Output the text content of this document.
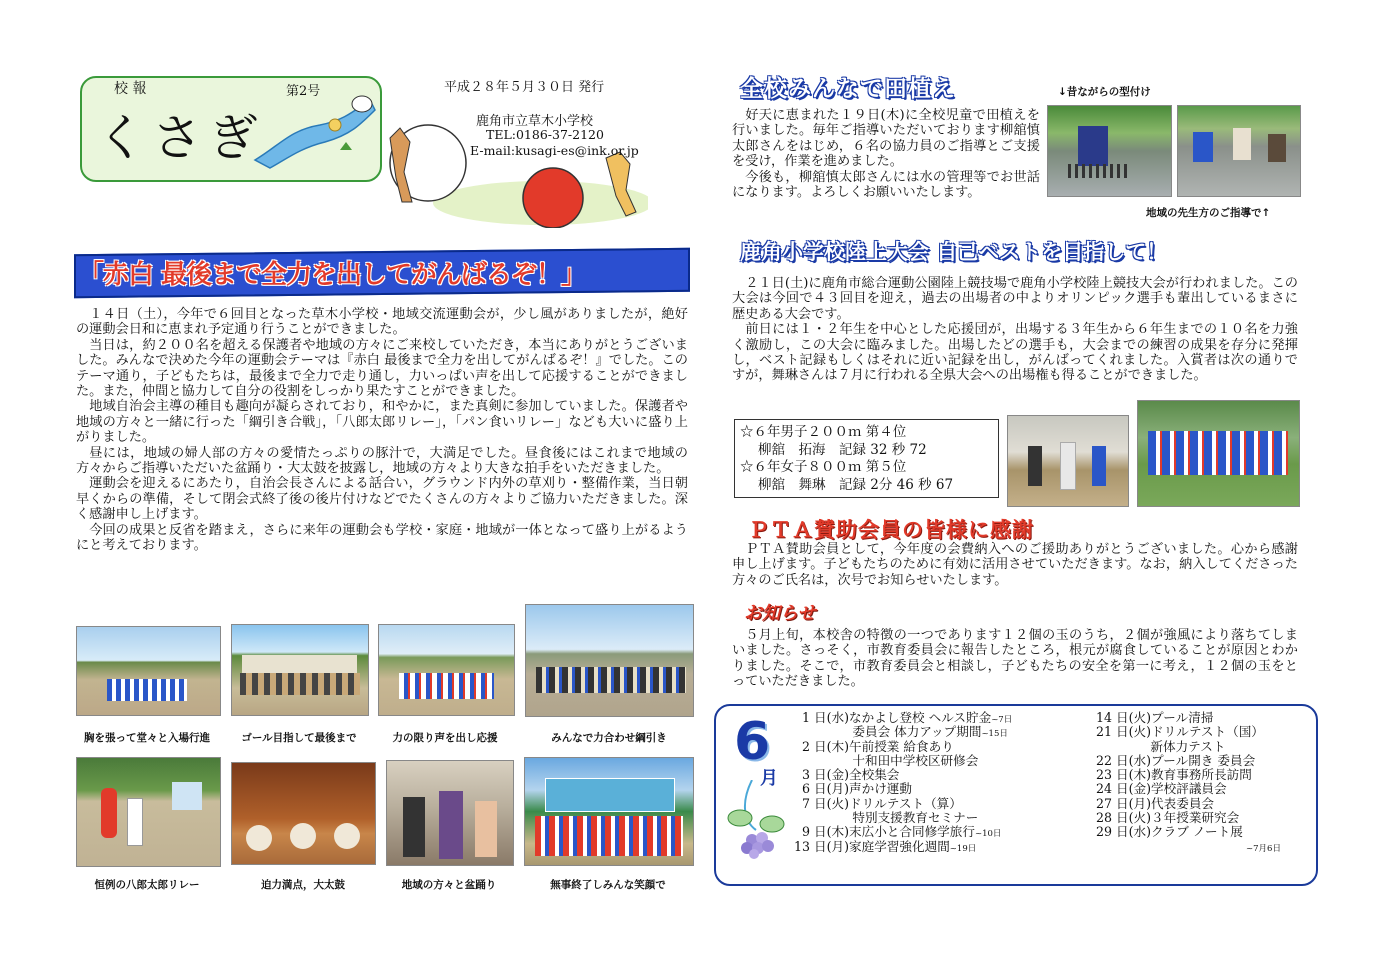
校 報	第2号
くさぎ
平成２８年５月３０日 発行
鹿角市立草木小学校
TEL:0186-37-2120
E-mail:kusagi-es@ink.or.jp
「赤白 最後まで全力を出してがんばるぞ！」

１４日（土），今年で６回目となった草木小学校・地域交流運動会が，少し風がありましたが，絶好の運動会日和に恵まれ予定通り行うことができました。

当日は，約２００名を超える保護者や地域の方々にご来校していただき，本当にありがとうございました。みんなで決めた今年の運動会テーマは『赤白 最後まで全力を出してがんばるぞ！』でした。このテーマ通り，子どもたちは，最後まで全力で走り通し，力いっぱい声を出して応援することができました。また，仲間と協力して自分の役割をしっかり果たすことができました。

地域自治会主導の種目も趣向が凝らされており，和やかに，また真剣に参加していました。保護者や地域の方々と一緒に行った「綱引き合戦」，「八郎太郎リレー」，「パン食いリレー」なども大いに盛り上がりました。

昼には，地域の婦人部の方々の愛情たっぷりの豚汁で，大満足でした。昼食後にはこれまで地域の方々からご指導いただいた盆踊り・大太鼓を披露し，地域の方々より大きな拍手をいただきました。

運動会を迎えるにあたり，自治会長さんによる話合い，グラウンド内外の草刈り・整備作業，当日朝早くからの準備，そして閉会式終了後の後片付けなどでたくさんの方々よりご協力いただきました。深く感謝申し上げます。

今回の成果と反省を踏まえ，さらに来年の運動会も学校・家庭・地域が一体となって盛り上がるようにと考えております。

胸を張って堂々と入場行進	ゴール目指して最後まで	力の限り声を出し応援	みんなで力合わせ綱引き
恒例の八郎太郎リレー	迫力満点，大太鼓	地域の方々と盆踊り	無事終了しみんな笑顔で
全校みんなで田植え	↓昔ながらの型付け

好天に恵まれた１９日(木)に全校児童で田植えを行いました。毎年ご指導いただいております柳舘慎太郎さんをはじめ，６名の協力員のご指導とご支援を受け，作業を進めました。

今後も，柳舘慎太郎さんには水の管理等でお世話になります。よろしくお願いいたします。

地域の先生方のご指導で↑
鹿角小学校陸上大会 自己ベストを目指して！

２１日(土)に鹿角市総合運動公園陸上競技場で鹿角小学校陸上競技大会が行われました。この大会は今回で４３回目を迎え，過去の出場者の中よりオリンピック選手も輩出しているまさに歴史ある大会です。

前日には１・２年生を中心とした応援団が，出場する３年生から６年生までの１０名を力強く激励し，この大会に臨みました。出場したどの選手も，大会までの練習の成果を存分に発揮し，ベスト記録もしくはそれに近い記録を出し，がんばってくれました。入賞者は次の通りですが，舞琳さんは７月に行われる全県大会への出場権も得ることができました。

☆６年男子２００ｍ 第４位
柳舘　拓海　記録 32 秒 72
☆６年女子８００ｍ 第５位
柳舘　舞琳　記録 2分 46 秒 67
ＰＴＡ賛助会員の皆様に感謝
ＰＴＡ賛助会員として，今年度の会費納入へのご援助ありがとうございました。心から感謝申し上げます。子どもたちのために有効に活用させていただきます。なお，納入してくださった方々のご氏名は，次号でお知らせいたします。
お知らせ
５月上旬，本校舎の特徴の一つであります１２個の玉のうち，２個が強風により落ちてしまいました。さっそく，市教育委員会に報告したところ，根元が腐食していることが原因とわかりました。そこで，市教育委員会と相談し，子どもたちの安全を第一に考え，１２個の玉をとっていただきました。
6
月
1 日(水)なかよし登校 ヘルス貯金~7日
　　　　委員会 体力アップ期間~15日
2 日(木)午前授業 給食あり
　　　　十和田中学校区研修会
3 日(金)全校集会
6 日(月)声かけ運動
7 日(火)ドリルテスト（算）
　　　　特別支援教育セミナー
9 日(木)末広小と合同修学旅行~10日
13 日(月)家庭学習強化週間~19日
14 日(火)プール清掃
21 日(火)ドリルテスト（国）
　　　　 新体力テスト
22 日(水)プール開き 委員会
23 日(木)教育事務所長訪問
24 日(金)学校評議員会
27 日(月)代表委員会
28 日(火)３年授業研究会
29 日(水)クラブ ノート展
~7月6日
